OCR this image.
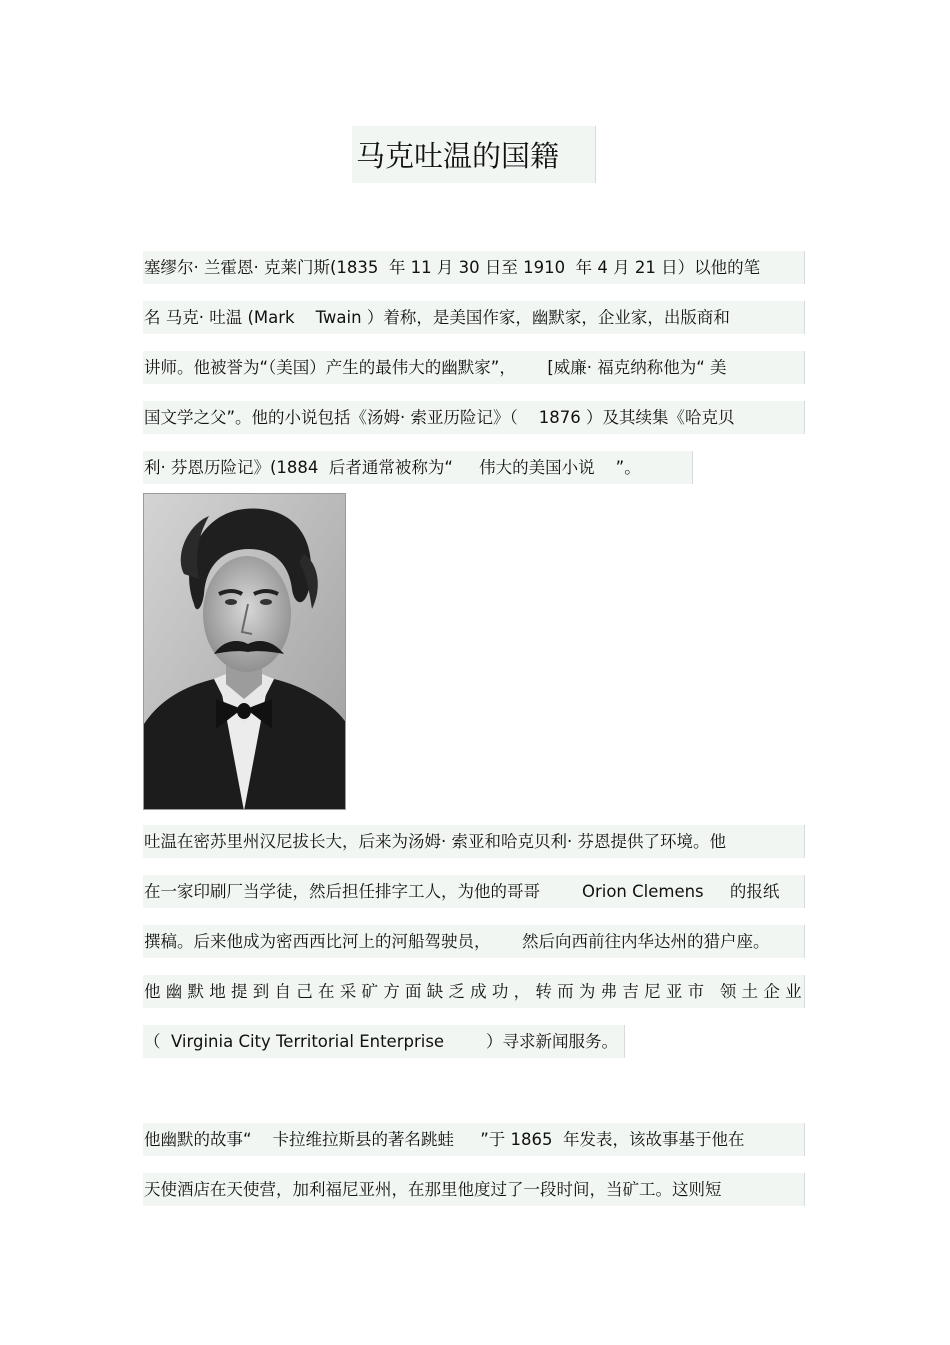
马克吐温的国籍
塞缪尔· 兰霍恩· 克莱门斯(1835  年 11 月 30 日至 1910  年 4 月 21 日）以他的笔
名 马克· 吐温 (Mark    Twain ）着称，是美国作家，幽默家，企业家，出版商和
讲师。他被誉为“（美国）产生的最伟大的幽默家”，      [威廉· 福克纳称他为“ 美
国文学之父”。他的小说包括《汤姆· 索亚历险记》（    1876 ）及其续集《哈克贝
利· 芬恩历险记》(1884  后者通常被称为“     伟大的美国小说    ”。
吐温在密苏里州汉尼拔长大，后来为汤姆· 索亚和哈克贝利· 芬恩提供了环境。他
在一家印刷厂当学徒，然后担任排字工人，为他的哥哥        Orion Clemens     的报纸
撰稿。后来他成为密西西比河上的河船驾驶员，      然后向西前往内华达州的猎户座。
他 幽 默 地 提 到 自 己 在 采 矿 方 面 缺 乏 成 功 ， 转 而 为 弗 吉 尼 亚 市   领 土 企 业
（  Virginia City Territorial Enterprise        ）寻求新闻服务。
他幽默的故事“    卡拉维拉斯县的著名跳蛙     ”于 1865  年发表，该故事基于他在
天使酒店在天使营，加利福尼亚州，在那里他度过了一段时间，当矿工。这则短
